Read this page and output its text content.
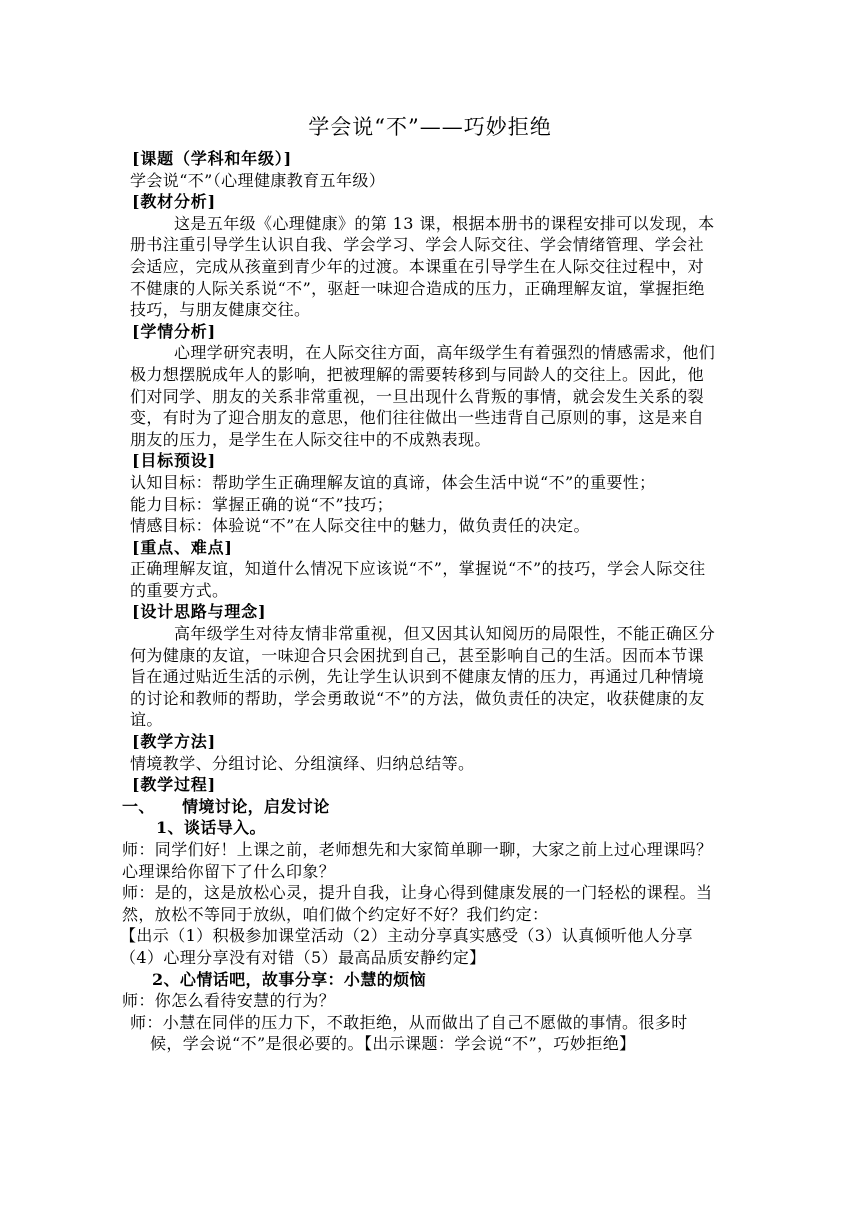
学会说“不”——巧妙拒绝

[课题（学科和年级）]

学会说“不”（心理健康教育五年级）

[教材分析]

这是五年级《心理健康》的第 13 课，根据本册书的课程安排可以发现，本册书注重引导学生认识自我、学会学习、学会人际交往、学会情绪管理、学会社会适应，完成从孩童到青少年的过渡。本课重在引导学生在人际交往过程中，对不健康的人际关系说“不”，驱赶一味迎合造成的压力，正确理解友谊，掌握拒绝技巧，与朋友健康交往。

[学情分析]

心理学研究表明，在人际交往方面，高年级学生有着强烈的情感需求，他们极力想摆脱成年人的影响，把被理解的需要转移到与同龄人的交往上。因此，他们对同学、朋友的关系非常重视，一旦出现什么背叛的事情，就会发生关系的裂变，有时为了迎合朋友的意思，他们往往做出一些违背自己原则的事，这是来自朋友的压力，是学生在人际交往中的不成熟表现。

[目标预设]

认知目标：帮助学生正确理解友谊的真谛，体会生活中说“不”的重要性；

能力目标：掌握正确的说“不”技巧；

情感目标：体验说“不”在人际交往中的魅力，做负责任的决定。

[重点、难点]

正确理解友谊，知道什么情况下应该说“不”，掌握说“不”的技巧，学会人际交往的重要方式。

[设计思路与理念]

高年级学生对待友情非常重视，但又因其认知阅历的局限性，不能正确区分何为健康的友谊，一味迎合只会困扰到自己，甚至影响自己的生活。因而本节课旨在通过贴近生活的示例，先让学生认识到不健康友情的压力，再通过几种情境的讨论和教师的帮助，学会勇敢说“不”的方法，做负责任的决定，收获健康的友谊。

[教学方法]

情境教学、分组讨论、分组演绎、归纳总结等。

[教学过程]

一、 情境讨论，启发讨论

1、谈话导入。

师：同学们好！上课之前，老师想先和大家简单聊一聊，大家之前上过心理课吗？心理课给你留下了什么印象？

师：是的，这是放松心灵，提升自我，让身心得到健康发展的一门轻松的课程。当然，放松不等同于放纵，咱们做个约定好不好？我们约定：

【出示（1）积极参加课堂活动（2）主动分享真实感受（3）认真倾听他人分享（4）心理分享没有对错（5）最高品质安静约定】

2、心情话吧，故事分享：小慧的烦恼

师：你怎么看待安慧的行为？

师：小慧在同伴的压力下，不敢拒绝，从而做出了自己不愿做的事情。很多时候，学会说“不”是很必要的。【出示课题：学会说“不”，巧妙拒绝】
